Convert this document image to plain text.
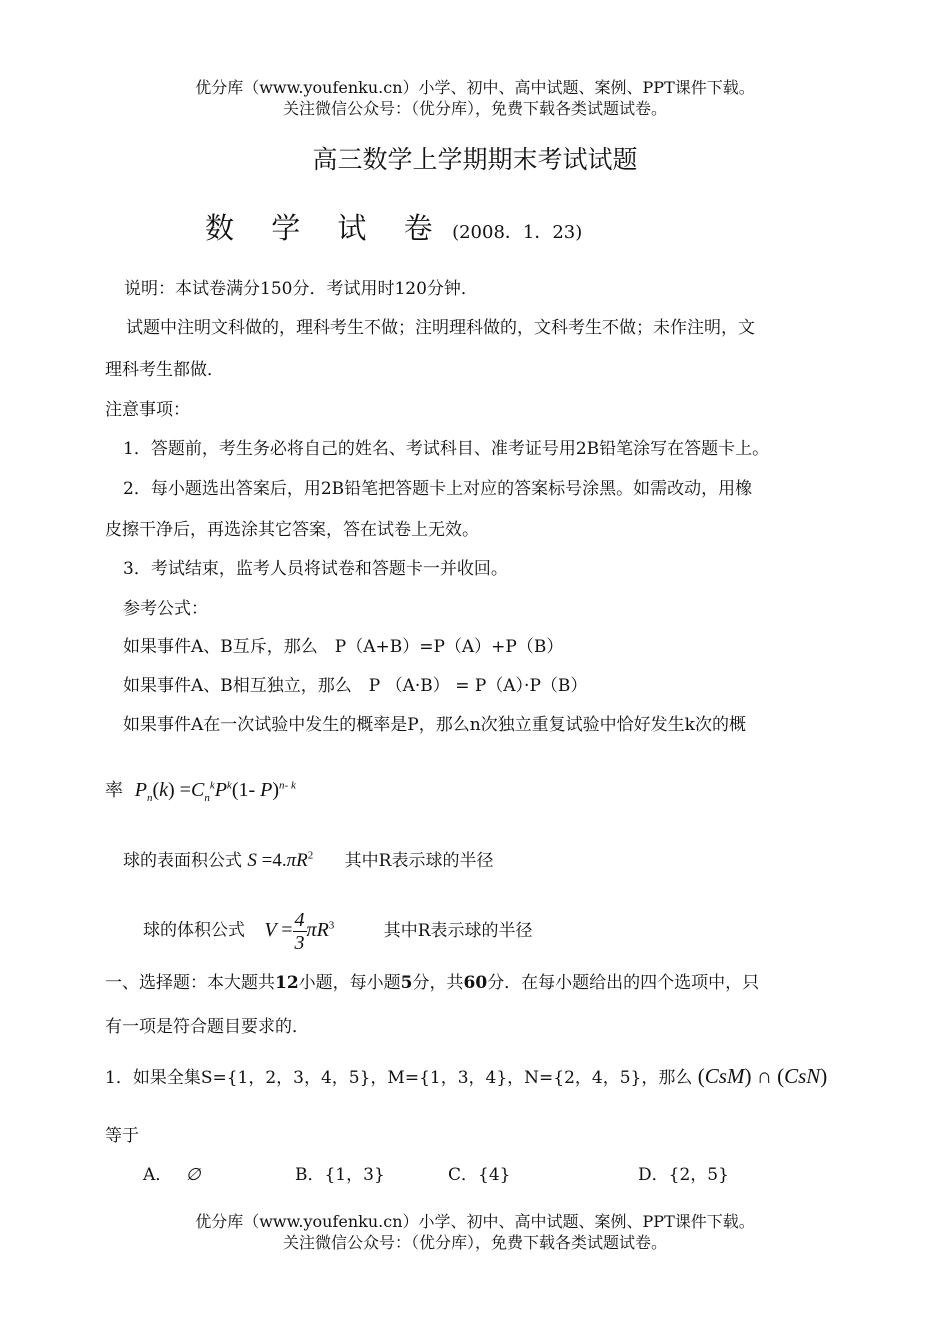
优分库（www.youfenku.cn）小学、初中、高中试题、案例、PPT课件下载。
关注微信公众号：（优分库），免费下载各类试题试卷。
高三数学上学期期末考试试题
数 学 试 卷 (2008．1．23)
说明：本试卷满分150分．考试用时120分钟．
试题中注明文科做的，理科考生不做；注明理科做的，文科考生不做；未作注明，文
理科考生都做．
注意事项：
1．答题前，考生务必将自己的姓名、考试科目、准考证号用2B铅笔涂写在答题卡上。
2．每小题选出答案后，用2B铅笔把答题卡上对应的答案标号涂黑。如需改动，用橡
皮擦干净后，再选涂其它答案，答在试卷上无效。
3．考试结束，监考人员将试卷和答题卡一并收回。
参考公式：
如果事件A、B互斥，那么　P（A+B）=P（A）+P（B）
如果事件A、B相互独立，那么　P （A·B） = P（A）·P（B）
如果事件A在一次试验中发生的概率是P，那么n次独立重复试验中恰好发生k次的概
率 $P_n(k) =C_n^kP^k(1-$ P)$^{n- k}$
球的表面积公式 $S =4.\pi R^2$ 其中R表示球的半径
球的体积公式 $V = \frac{4}{3} \pi R^3$	其中R表示球的半径
一、选择题：本大题共12小题，每小题5分，共60分．在每小题给出的四个选项中，只
有一项是符合题目要求的．
1．如果全集S={1，2，3，4，5}，M={1，3，4}，N={2，4，5}，那么 (CsM) ∩ (CsN)
等于
A． ∅	B．{1，3}	C．{4}	D．{2，5}
优分库（www.youfenku.cn）小学、初中、高中试题、案例、PPT课件下载。
关注微信公众号：（优分库），免费下载各类试题试卷。
